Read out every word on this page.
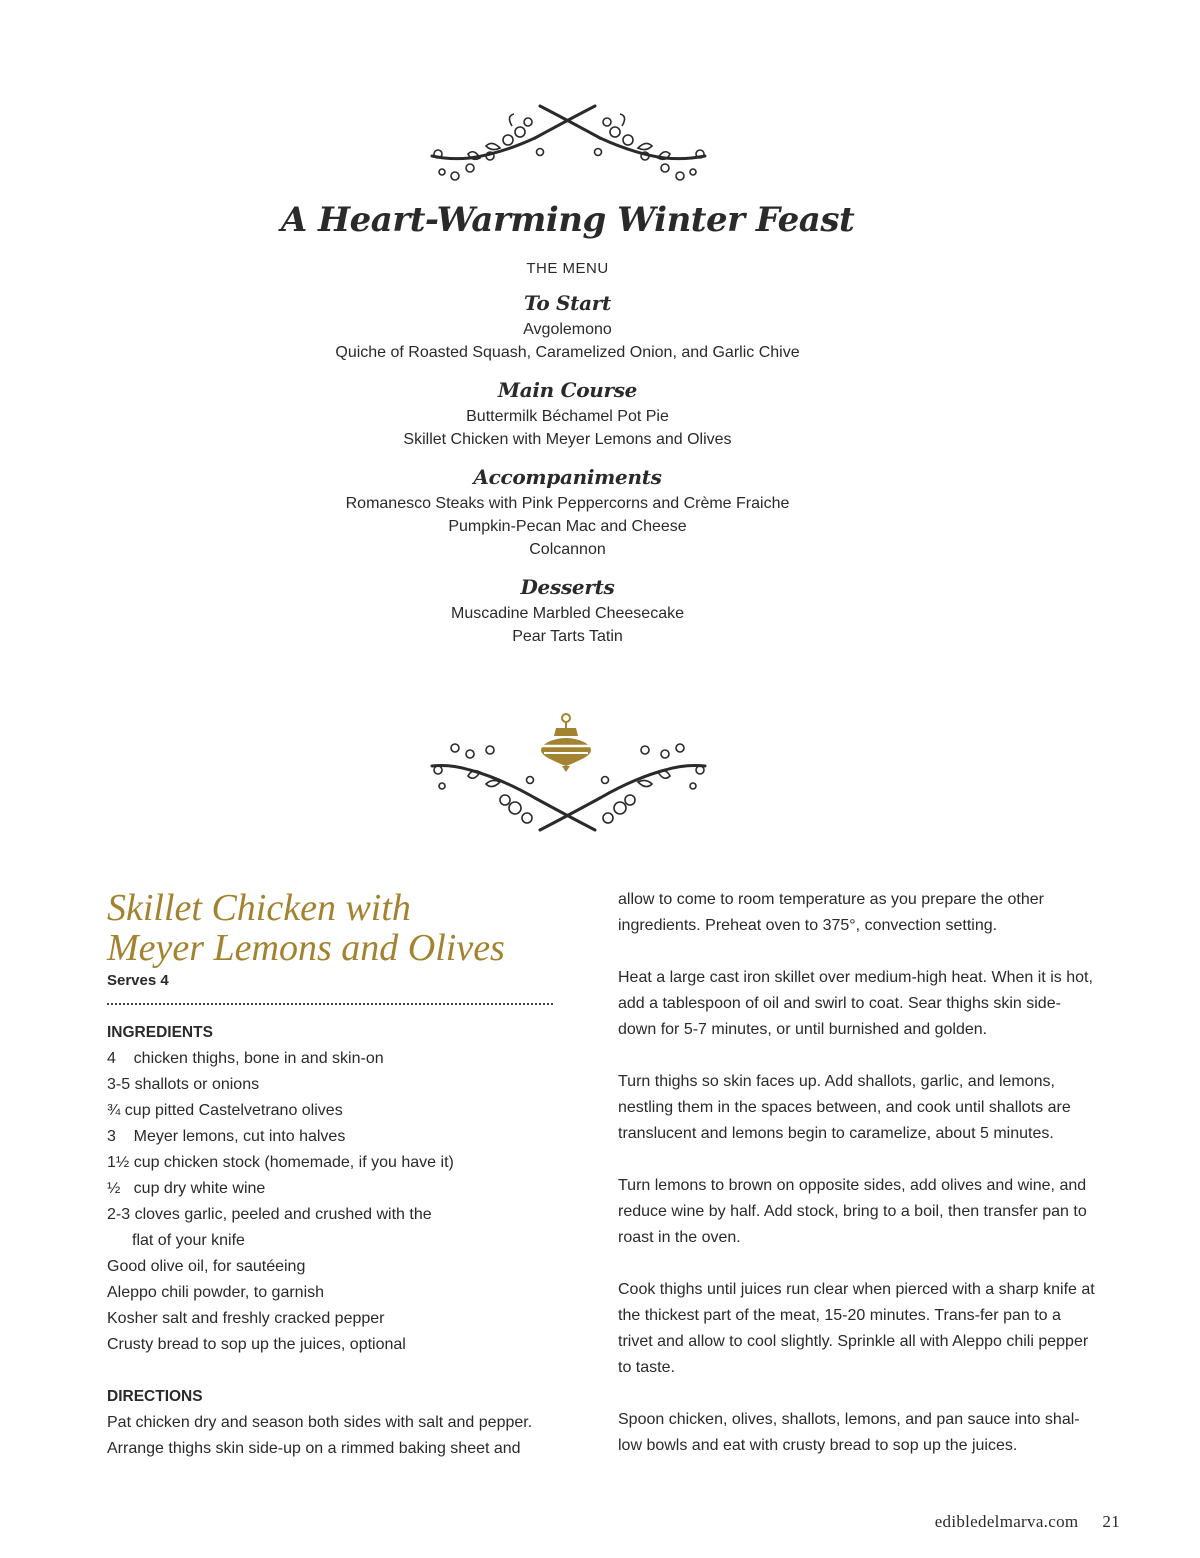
A Heart-Warming Winter Feast
THE MENU
To Start
Avgolemono
Quiche of Roasted Squash, Caramelized Onion, and Garlic Chive
Main Course
Buttermilk Béchamel Pot Pie
Skillet Chicken with Meyer Lemons and Olives
Accompaniments
Romanesco Steaks with Pink Peppercorns and Crème Fraiche
Pumpkin-Pecan Mac and Cheese
Colcannon
Desserts
Muscadine Marbled Cheesecake
Pear Tarts Tatin
Skillet Chicken with
Meyer Lemons and Olives
Serves 4
INGREDIENTS
4    chicken thighs, bone in and skin-on
3-5 shallots or onions
¾ cup pitted Castelvetrano olives
3    Meyer lemons, cut into halves
1½ cup chicken stock (homemade, if you have it)
½   cup dry white wine
2-3 cloves garlic, peeled and crushed with the
flat of your knife
Good olive oil, for sautéeing
Aleppo chili powder, to garnish
Kosher salt and freshly cracked pepper
Crusty bread to sop up the juices, optional
DIRECTIONS

Pat chicken dry and season both sides with salt and pepper. Arrange thighs skin side-up on a rimmed baking sheet and

allow to come to room temperature as you prepare the other ingredients. Preheat oven to 375°, convection setting.

Heat a large cast iron skillet over medium-high heat. When it is hot, add a tablespoon of oil and swirl to coat. Sear thighs skin side-down for 5-7 minutes, or until burnished and golden.

Turn thighs so skin faces up. Add shallots, garlic, and lemons, nestling them in the spaces between, and cook until shallots are translucent and lemons begin to caramelize, about 5 minutes.

Turn lemons to brown on opposite sides, add olives and wine, and reduce wine by half. Add stock, bring to a boil, then transfer pan to roast in the oven.

Cook thighs until juices run clear when pierced with a sharp knife at the thickest part of the meat, 15-20 minutes. Trans-fer pan to a trivet and allow to cool slightly. Sprinkle all with Aleppo chili pepper to taste.

Spoon chicken, olives, shallots, lemons, and pan sauce into shal-low bowls and eat with crusty bread to sop up the juices.

edibledelmarva.com 21
